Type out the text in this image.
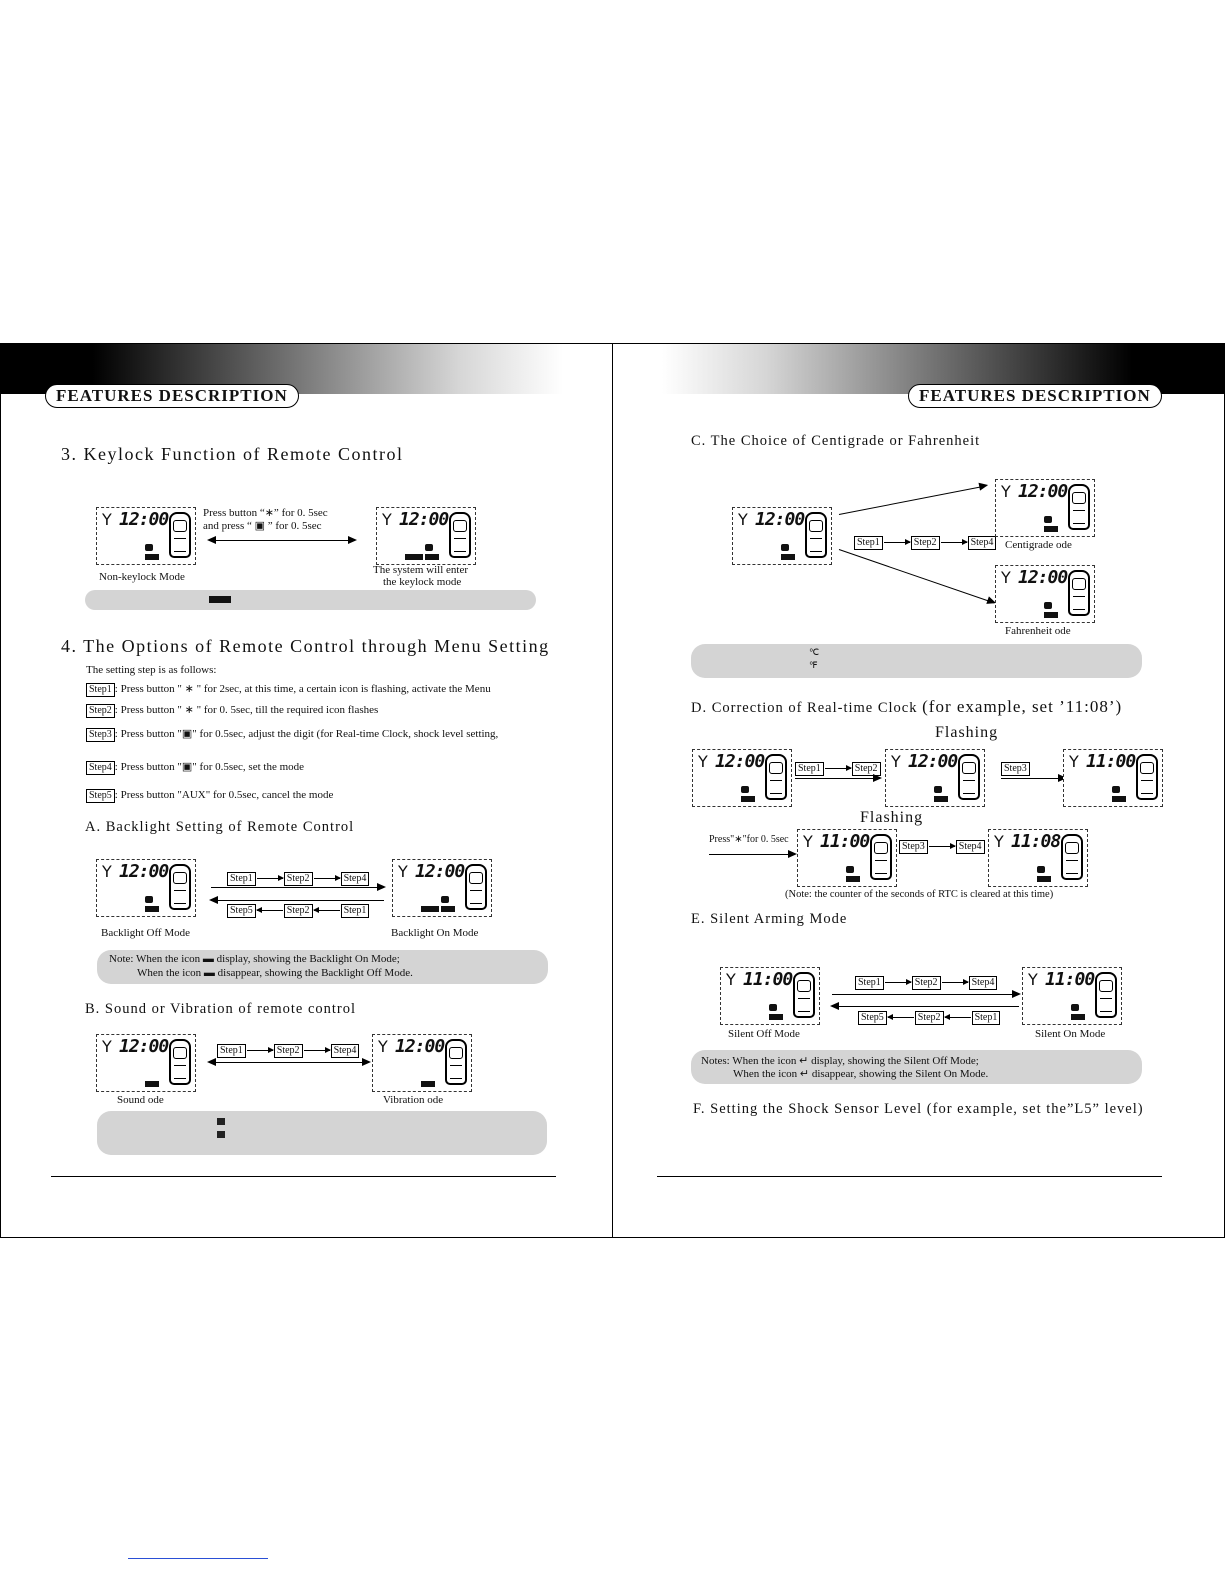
FEATURES DESCRIPTION
3. Keylock Function of Remote Control
Y 12:00	Press button “∗” for 0. 5sec
and press “ ▣ ” for 0. 5sec	Y 12:00
Non-keylock Mode
The system will enter
the keylock mode
4. The Options of Remote Control through Menu Setting
The setting step is as follows:
Step1 : Press button " ∗ " for 2sec, at this time, a certain icon is flashing, activate the Menu
Step2 : Press button " ∗ " for 0. 5sec, till the required icon flashes
Step3 : Press button "▣" for 0.5sec, adjust the digit (for Real-time Clock, shock level setting,
Step4 : Press button "▣" for 0.5sec, set the mode
Step5 : Press button "AUX" for 0.5sec, cancel the mode
A. Backlight Setting of Remote Control
Y 12:00	Step1	Step2	Step4
Step5	Step2	Step1
Y 12:00
Backlight Off Mode	Backlight On Mode
Note: When the icon ▬ display, showing the Backlight On Mode;
When the icon ▬ disappear, showing the Backlight Off Mode.
B. Sound or Vibration of remote control
Y 12:00	Step1	Step2	Step4 Y 12:00
Sound ode	Vibration ode
FEATURES DESCRIPTION
C. The Choice of Centigrade or Fahrenheit
Y 12:00
Step1	Step2	Step4
Y 12:00
Centigrade ode
Y 12:00
Fahrenheit ode
℃
℉
D. Correction of Real-time Clock (for example, set ’11:08’)
Flashing
Y 12:00	Step1	Step2 Y 12:00	Step3	Y 11:00
Flashing
Press"∗"for 0. 5sec Y 11:00	Step3	Step4 Y 11:08
(Note: the counter of the seconds of RTC is cleared at this time)
E. Silent Arming Mode
Y 11:00	Step1	Step2	Step4
Step5	Step2	Step1
Y 11:00
Silent Off Mode	Silent On Mode
Notes: When the icon ↵ display, showing the Silent Off Mode;
When the icon ↵ disappear, showing the Silent On Mode.
F. Setting the Shock Sensor Level (for example, set the”L5” level)
